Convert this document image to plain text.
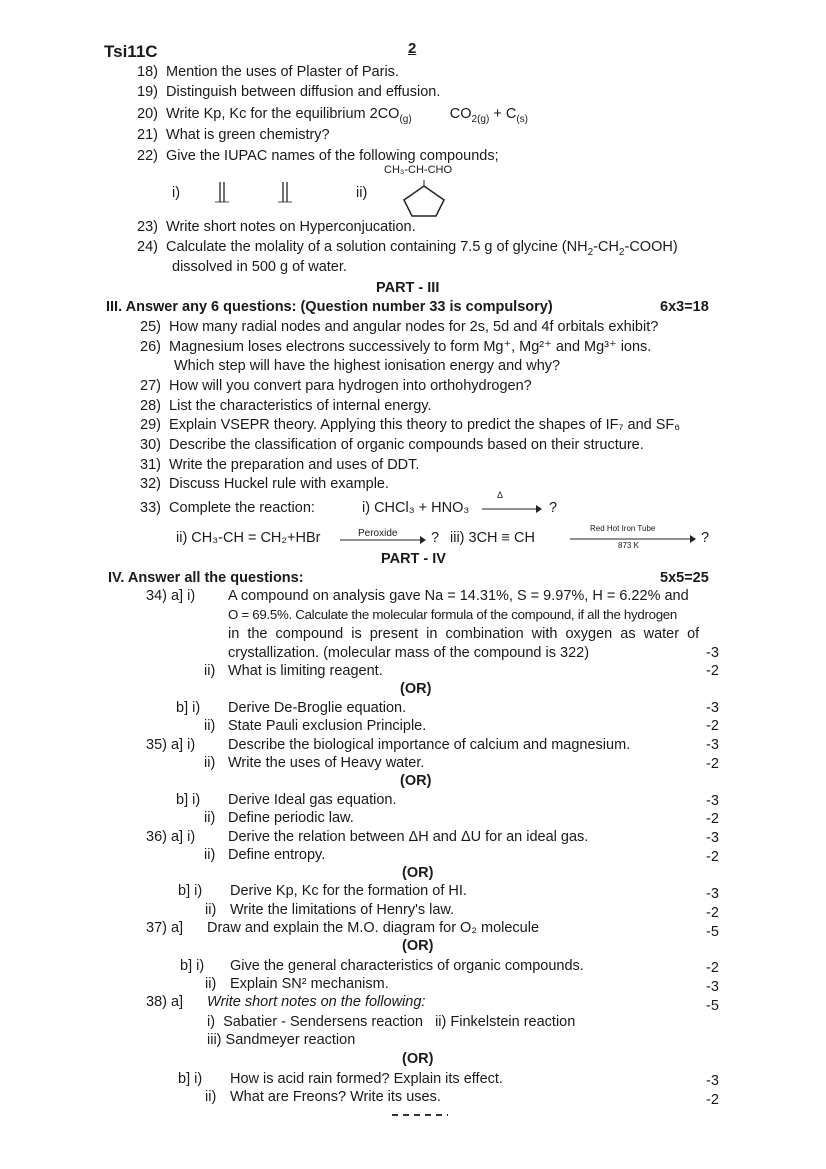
Tsi11C	2
18) Mention the uses of Plaster of Paris.
19) Distinguish between diffusion and effusion.
20) Write Kp, Kc for the equilibrium $2CO_{(g)}$	$CO_{2(g)} + C_{(s)}$
21) What is green chemistry?
22) Give the IUPAC names of the following compounds;
i)	ii)
CH₃-CH-CHO
23) Write short notes on Hyperconjucation.
24) Calculate the molality of a solution containing 7.5 g of glycine $(NH_2-CH_2-COOH)$
dissolved in 500 g of water.
PART - III
III. Answer any 6 questions: (Question number 33 is compulsory)	6x3=18
25) How many radial nodes and angular nodes for 2s, 5d and 4f orbitals exhibit?
26) Magnesium loses electrons successively to form Mg⁺, Mg²⁺ and Mg³⁺ ions.
Which step will have the highest ionisation energy and why?
27) How will you convert para hydrogen into orthohydrogen?
28) List the characteristics of internal energy.
29) Explain VSEPR theory. Applying this theory to predict the shapes of IF₇ and SF₆
30) Describe the classification of organic compounds based on their structure.
31) Write the preparation and uses of DDT.
32) Discuss Huckel rule with example.
33) Complete the reaction:	i) CHCl₃ + HNO₃
Δ
?
ii) CH₃-CH = CH₂+HBr	Peroxide ? iii) 3CH ≡ CH
Red Hot Iron Tube
873 K	?
PART - IV
IV. Answer all the questions:	5x5=25
34) a] i) A compound on analysis gave Na = 14.31%, S = 9.97%, H = 6.22% and
O = 69.5%. Calculate the molecular formula of the compound, if all the hydrogen
in the compound is present in combination with oxygen as water of
crystallization. (molecular mass of the compound is 322)	-3
ii) What is limiting reagent.	-2
(OR)
b] i) Derive De-Broglie equation.	-3
ii) State Pauli exclusion Principle.	-2
35) a] i) Describe the biological importance of calcium and magnesium.	-3
ii) Write the uses of Heavy water.	-2
(OR)
b] i) Derive Ideal gas equation.	-3
ii) Define periodic law.	-2
36) a] i) Derive the relation between ΔH and ΔU for an ideal gas.	-3
ii) Define entropy.	-2
(OR)
b] i) Derive Kp, Kc for the formation of HI.	-3
ii) Write the limitations of Henry's law.	-2
37) a] Draw and explain the M.O. diagram for O₂ molecule	-5
(OR)
b] i) Give the general characteristics of organic compounds.	-2
ii) Explain SN² mechanism.	-3
38) a] Write short notes on the following:	-5
i)  Sabatier - Sendersens reaction   ii) Finkelstein reaction
iii) Sandmeyer reaction
(OR)
b] i) How is acid rain formed? Explain its effect.	-3
ii) What are Freons? Write its uses.	-2
